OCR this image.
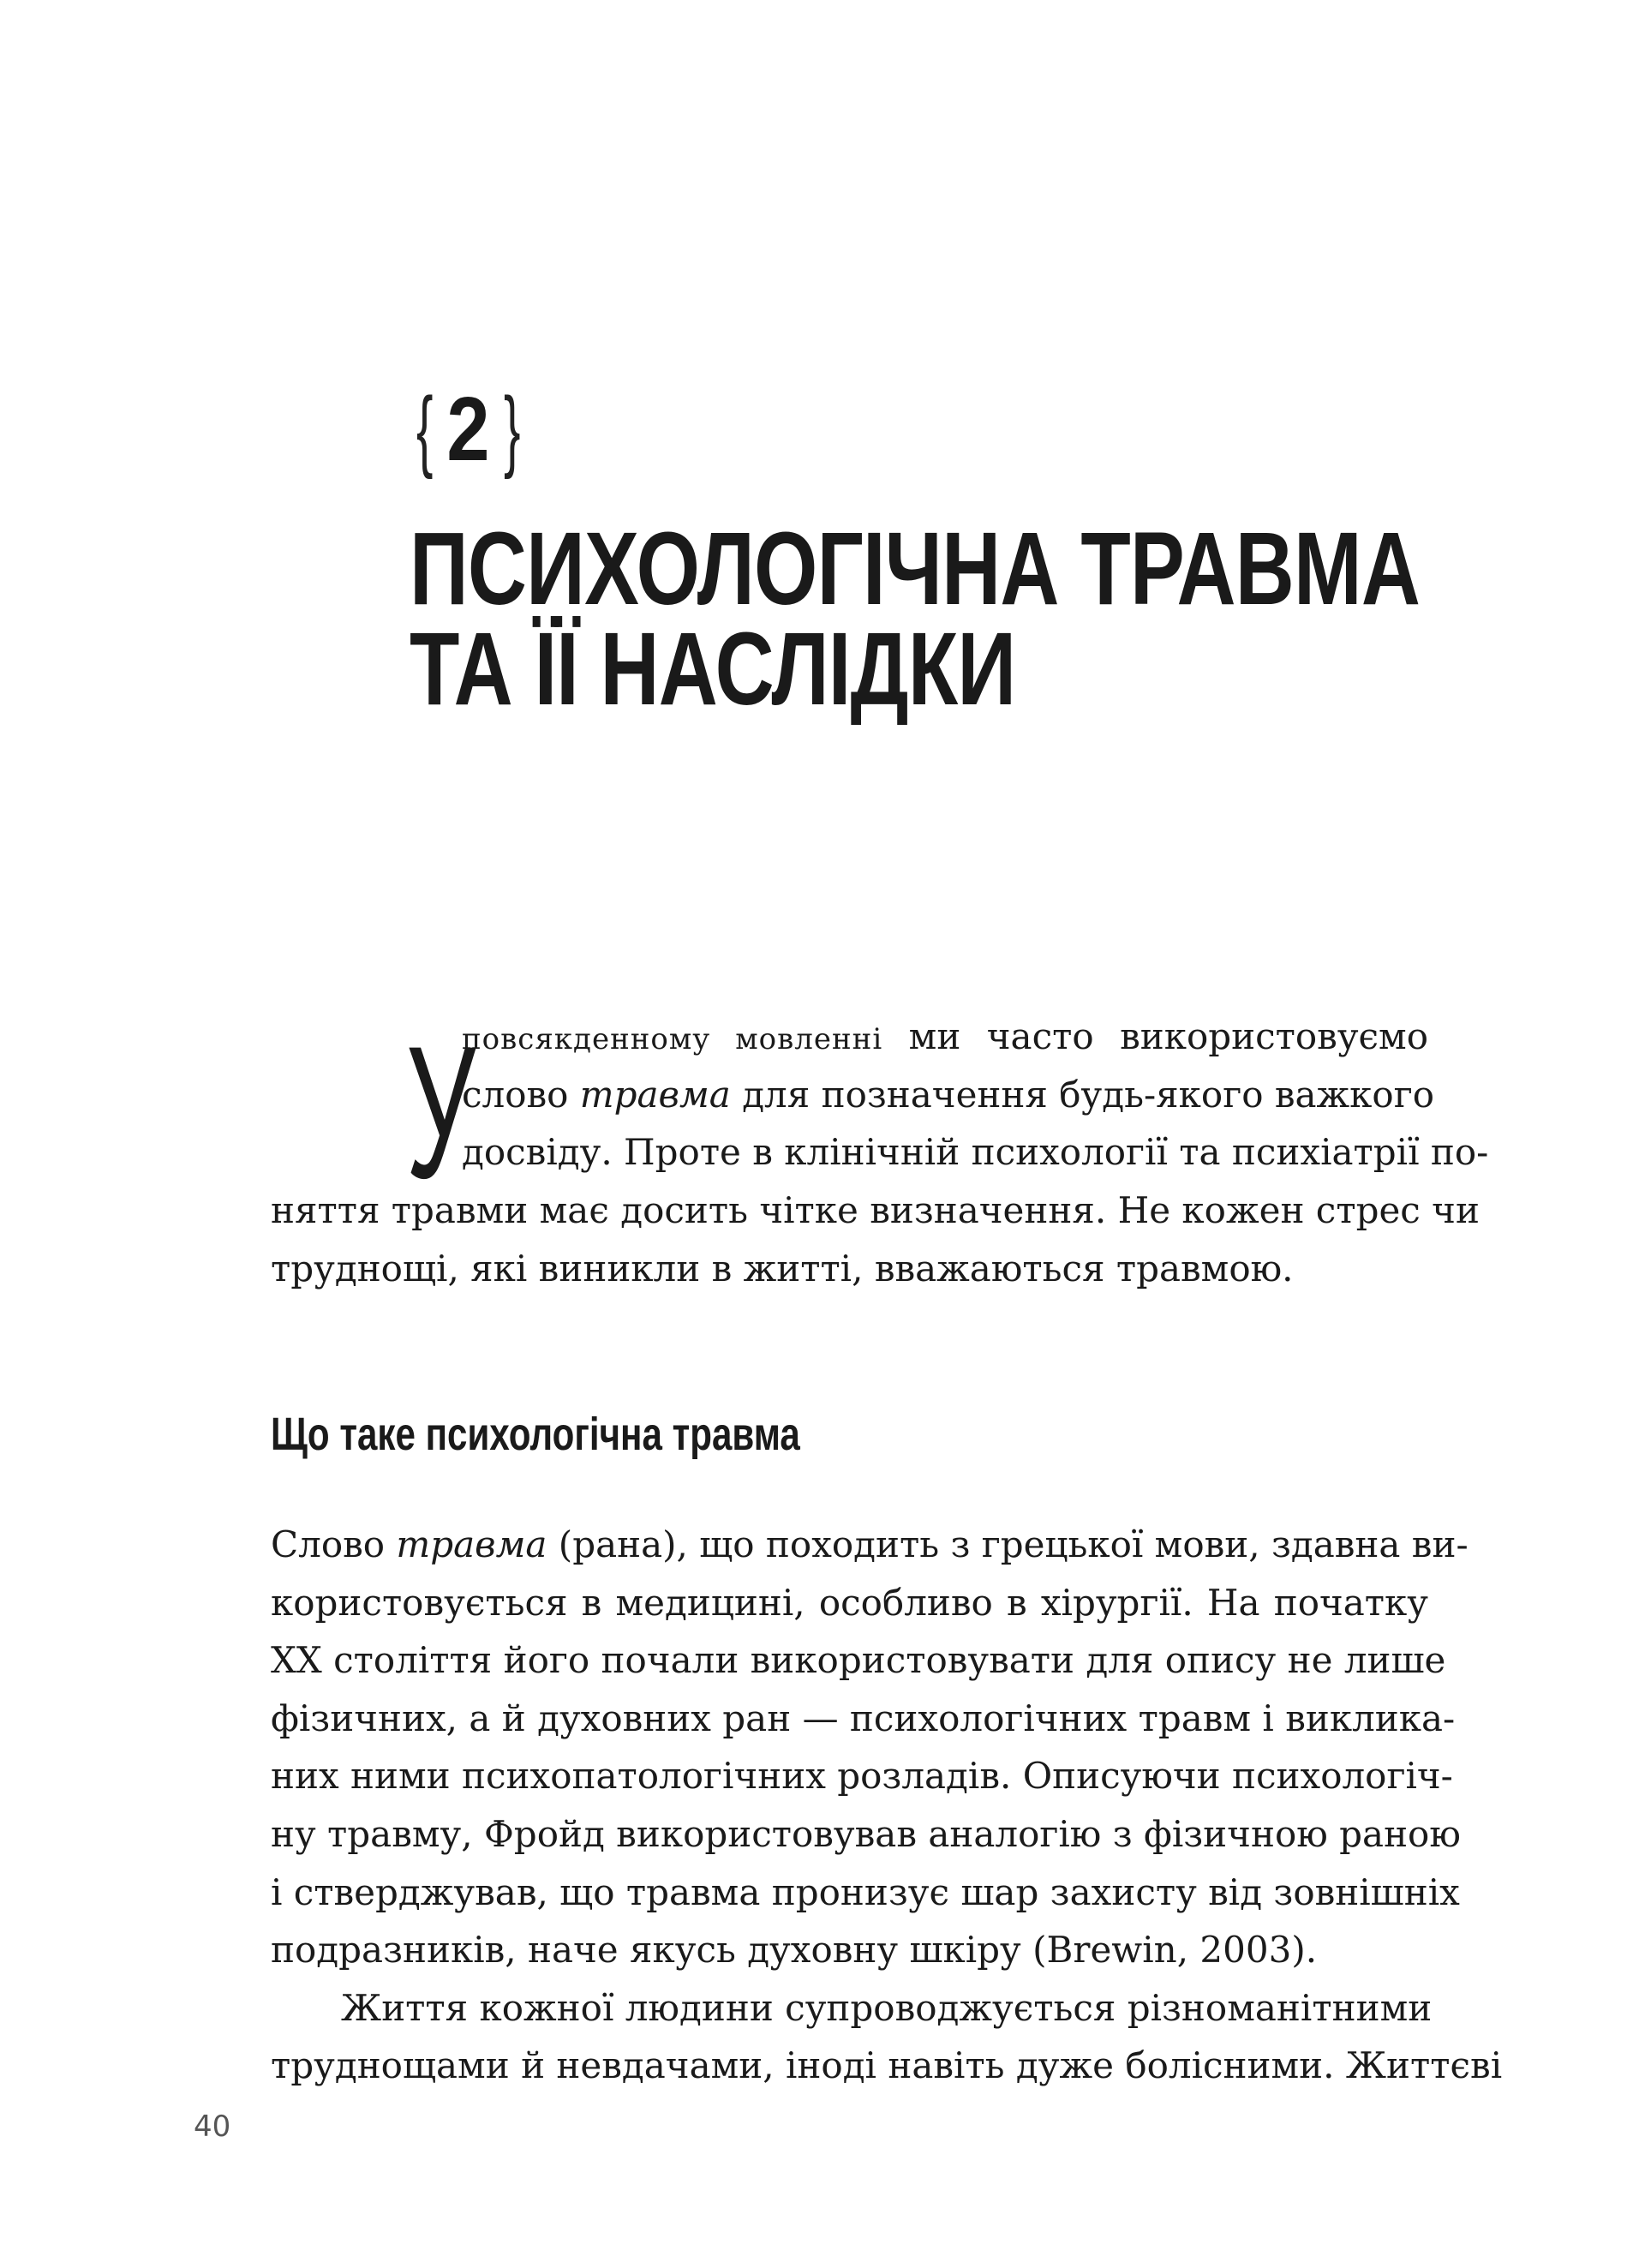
{ 2 }
ПСИХОЛОГІЧНА ТРАВМА
ТА ЇЇ НАСЛІДКИ
У
повсякденному мовленні ми часто використовуємо
слово травма для позначення будь-якого важкого
досвіду. Проте в клінічній психології та психіатрії по-
няття травми має досить чітке визначення. Не кожен стрес чи
труднощі, які виникли в житті, вважаються травмою.
Що таке психологічна травма
Слово травма (рана), що походить з грецької мови, здавна ви-
користовується в медицині, особливо в хірургії. На початку
XX століття його почали використовувати для опису не лише
фізичних, а й духовних ран — психологічних травм і виклика-
них ними психопатологічних розладів. Описуючи психологіч-
ну травму, Фройд використовував аналогію з фізичною раною
і стверджував, що травма пронизує шар захисту від зовнішніх
подразників, наче якусь духовну шкіру (Brewin, 2003).
Життя кожної людини супроводжується різноманітними
труднощами й невдачами, іноді навіть дуже болісними. Життєві
40
